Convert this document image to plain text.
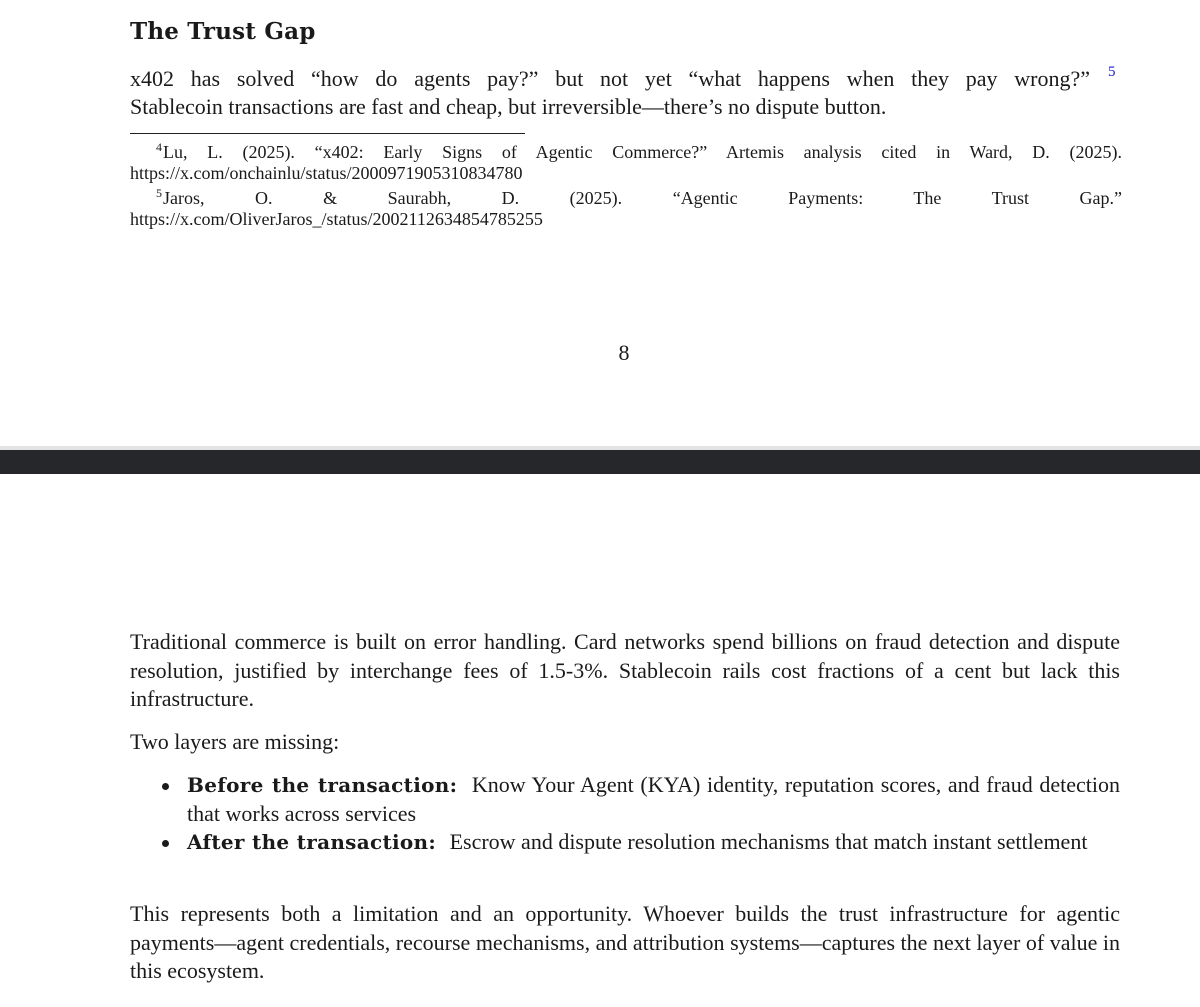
The Trust Gap
x402 has solved “how do agents pay?” but not yet “what happens when they pay wrong?” 5
Stablecoin transactions are fast and cheap, but irreversible—there’s no dispute button.
$^4$Lu, L. (2025). “x402: Early Signs of Agentic Commerce?” Artemis analysis cited in Ward, D. (2025).
https://x.com/onchainlu/status/2000971905310834780
$^5$Jaros, O. & Saurabh, D. (2025). “Agentic Payments: The Trust Gap.”
https://x.com/OliverJaros_/status/2002112634854785255
8

Traditional commerce is built on error handling. Card networks spend billions on fraud detection and dispute resolution, justified by interchange fees of 1.5-3%. Stablecoin rails cost fractions of a cent but lack this infrastructure.

Two layers are missing:

Before the transaction: Know Your Agent (KYA) identity, reputation scores, and fraud detection that works across services
After the transaction: Escrow and dispute resolution mechanisms that match instant settlement

This represents both a limitation and an opportunity. Whoever builds the trust infrastructure for agentic payments—agent credentials, recourse mechanisms, and attribution systems—captures the next layer of value in this ecosystem.
